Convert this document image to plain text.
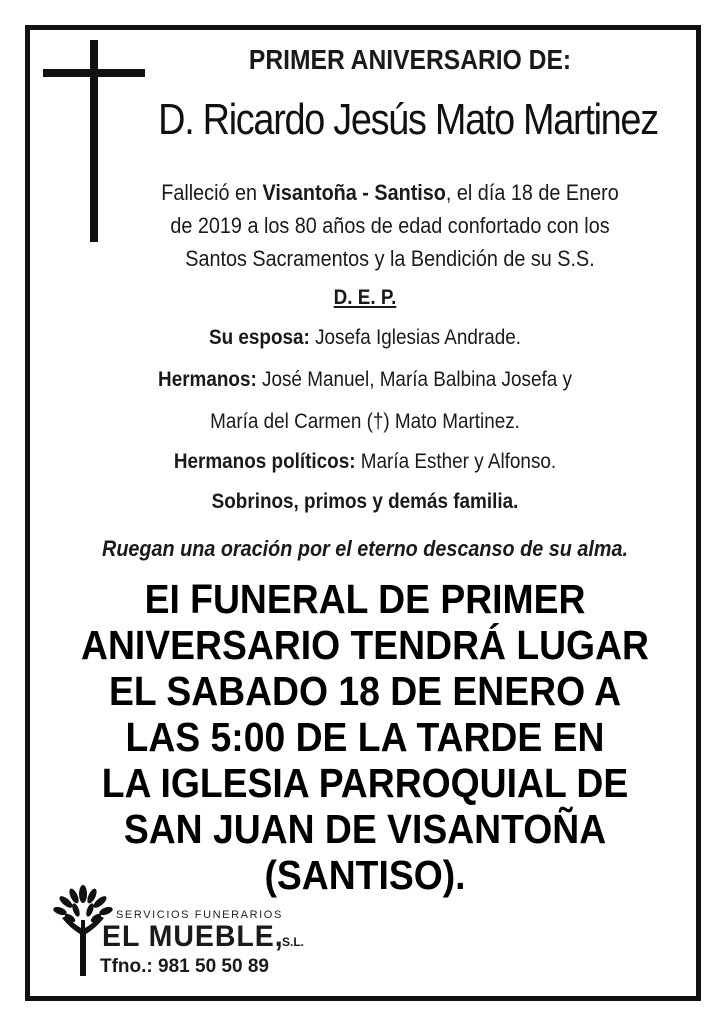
PRIMER ANIVERSARIO DE:
D. Ricardo Jesús Mato Martinez
Falleció en Visantoña - Santiso, el día 18 de Enero
de 2019 a los 80 años de edad confortado con los
Santos Sacramentos y la Bendición de su S.S.
D. E. P.
Su esposa: Josefa Iglesias Andrade.
Hermanos: José Manuel, María Balbina Josefa y
María del Carmen (†) Mato Martinez.
Hermanos políticos: María Esther y Alfonso.
Sobrinos, primos y demás familia.
Ruegan una oración por el eterno descanso de su alma.
EI FUNERAL DE PRIMER
ANIVERSARIO TENDRÁ LUGAR
EL SABADO 18 DE ENERO A
LAS 5:00 DE LA TARDE EN
LA IGLESIA PARROQUIAL DE
SAN JUAN DE VISANTOÑA
(SANTISO).
SERVICIOS FUNERARIOS
EL MUEBLE,
S.L.
Tfno.: 981 50 50 89
